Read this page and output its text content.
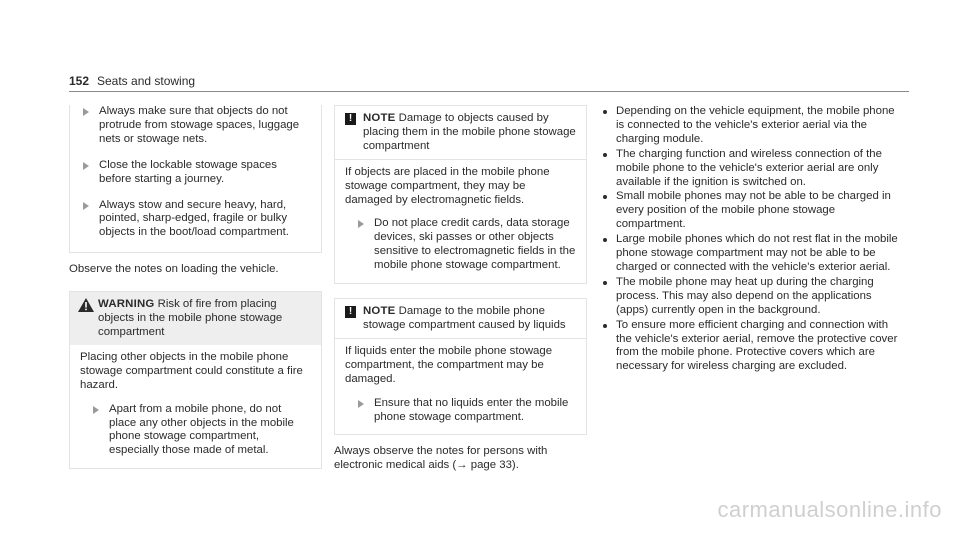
152 Seats and stowing
Always make sure that objects do not protrude from stowage spaces, luggage nets or stowage nets.
Close the lockable stowage spaces before starting a journey.
Always stow and secure heavy, hard, pointed, sharp-edged, fragile or bulky objects in the boot/load compartment.
Observe the notes on loading the vehicle.
WARNING Risk of fire from placing objects in the mobile phone stowage compartment
Placing other objects in the mobile phone stowage compartment could constitute a fire hazard.
Apart from a mobile phone, do not place any other objects in the mobile phone stowage compartment, especially those made of metal.
! NOTE Damage to objects caused by placing them in the mobile phone stowage compartment
If objects are placed in the mobile phone stowage compartment, they may be damaged by electromagnetic fields.
Do not place credit cards, data storage devices, ski passes or other objects sensitive to electromagnetic fields in the mobile phone stowage compartment.
! NOTE Damage to the mobile phone stowage compartment caused by liquids
If liquids enter the mobile phone stowage compartment, the compartment may be damaged.
Ensure that no liquids enter the mobile phone stowage compartment.
Always observe the notes for persons with electronic medical aids (→ page 33).
Depending on the vehicle equipment, the mobile phone is connected to the vehicle's exterior aerial via the charging module.
The charging function and wireless connection of the mobile phone to the vehicle's exterior aerial are only available if the ignition is switched on.
Small mobile phones may not be able to be charged in every position of the mobile phone stowage compartment.
Large mobile phones which do not rest flat in the mobile phone stowage compartment may not be able to be charged or connected with the vehicle's exterior aerial.
The mobile phone may heat up during the charging process. This may also depend on the applications (apps) currently open in the background.
To ensure more efficient charging and connection with the vehicle's exterior aerial, remove the protective cover from the mobile phone. Protective covers which are necessary for wireless charging are excluded.
carmanualsonline.info
